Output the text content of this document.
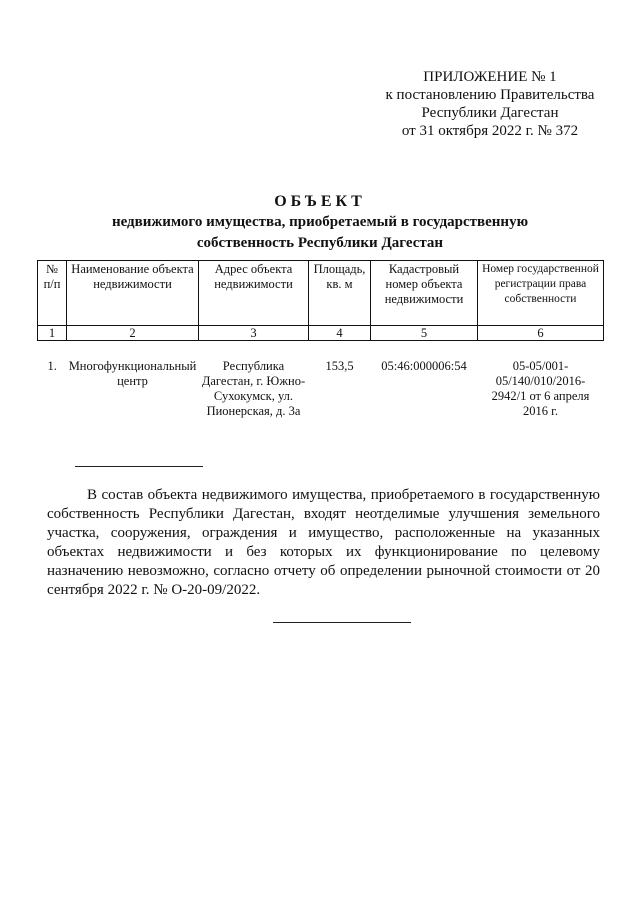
ПРИЛОЖЕНИЕ № 1
к постановлению Правительства
Республики Дагестан
от 31 октября 2022 г. № 372
ОБЪЕКТ
недвижимого имущества, приобретаемый в государственную
собственность Республики Дагестан
№ п/п	Наименование объекта недвижимости	Адрес объекта недвижимости	Площадь, кв. м	Кадастровый номер объекта недвижимости	Номер государственной регистрации права собственности
1	2	3	4	5	6
1.	Многофункциональный центр	Республика Дагестан, г. Южно-Сухокумск, ул. Пионерская, д. 3а	153,5	05:46:000006:54	05-05/001-05/140/010/2016-2942/1 от 6 апреля 2016 г.
В состав объекта недвижимого имущества, приобретаемого в государственную собственность Республики Дагестан, входят неотделимые улучшения земельного участка, сооружения, ограждения и имущество, расположенные на указанных объектах недвижимости и без которых их функционирование по целевому назначению невозможно, согласно отчету об определении рыночной стоимости от 20 сентября 2022 г. № О-20-09/2022.
